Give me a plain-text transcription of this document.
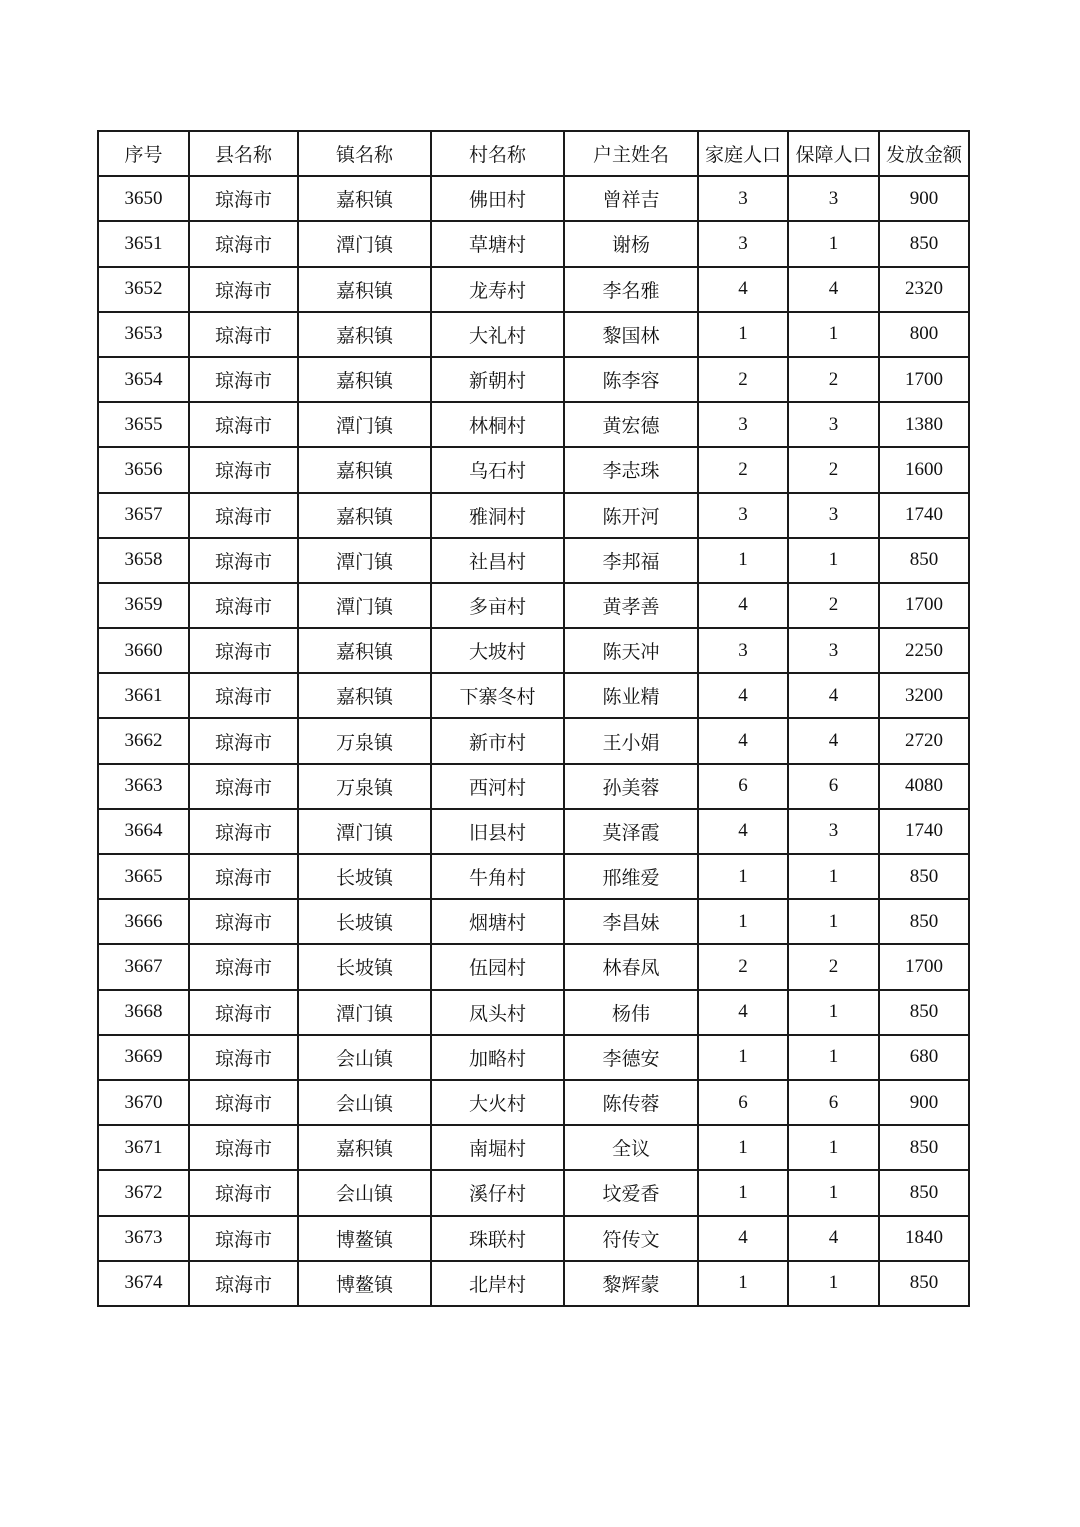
序号	县名称	镇名称	村名称	户主姓名	家庭人口	保障人口	发放金额
3650	琼海市	嘉积镇	佛田村	曾祥吉	3	3	900
3651	琼海市	潭门镇	草塘村	谢杨	3	1	850
3652	琼海市	嘉积镇	龙寿村	李名雅	4	4	2320
3653	琼海市	嘉积镇	大礼村	黎国林	1	1	800
3654	琼海市	嘉积镇	新朝村	陈李容	2	2	1700
3655	琼海市	潭门镇	林桐村	黄宏德	3	3	1380
3656	琼海市	嘉积镇	乌石村	李志珠	2	2	1600
3657	琼海市	嘉积镇	雅洞村	陈开河	3	3	1740
3658	琼海市	潭门镇	社昌村	李邦福	1	1	850
3659	琼海市	潭门镇	多亩村	黄孝善	4	2	1700
3660	琼海市	嘉积镇	大坡村	陈天冲	3	3	2250
3661	琼海市	嘉积镇	下寨冬村	陈业精	4	4	3200
3662	琼海市	万泉镇	新市村	王小娟	4	4	2720
3663	琼海市	万泉镇	西河村	孙美蓉	6	6	4080
3664	琼海市	潭门镇	旧县村	莫泽霞	4	3	1740
3665	琼海市	长坡镇	牛角村	邢维爱	1	1	850
3666	琼海市	长坡镇	烟塘村	李昌妹	1	1	850
3667	琼海市	长坡镇	伍园村	林春凤	2	2	1700
3668	琼海市	潭门镇	凤头村	杨伟	4	1	850
3669	琼海市	会山镇	加略村	李德安	1	1	680
3670	琼海市	会山镇	大火村	陈传蓉	6	6	900
3671	琼海市	嘉积镇	南堀村	全议	1	1	850
3672	琼海市	会山镇	溪仔村	坟爱香	1	1	850
3673	琼海市	博鳌镇	珠联村	符传文	4	4	1840
3674	琼海市	博鳌镇	北岸村	黎辉蒙	1	1	850
